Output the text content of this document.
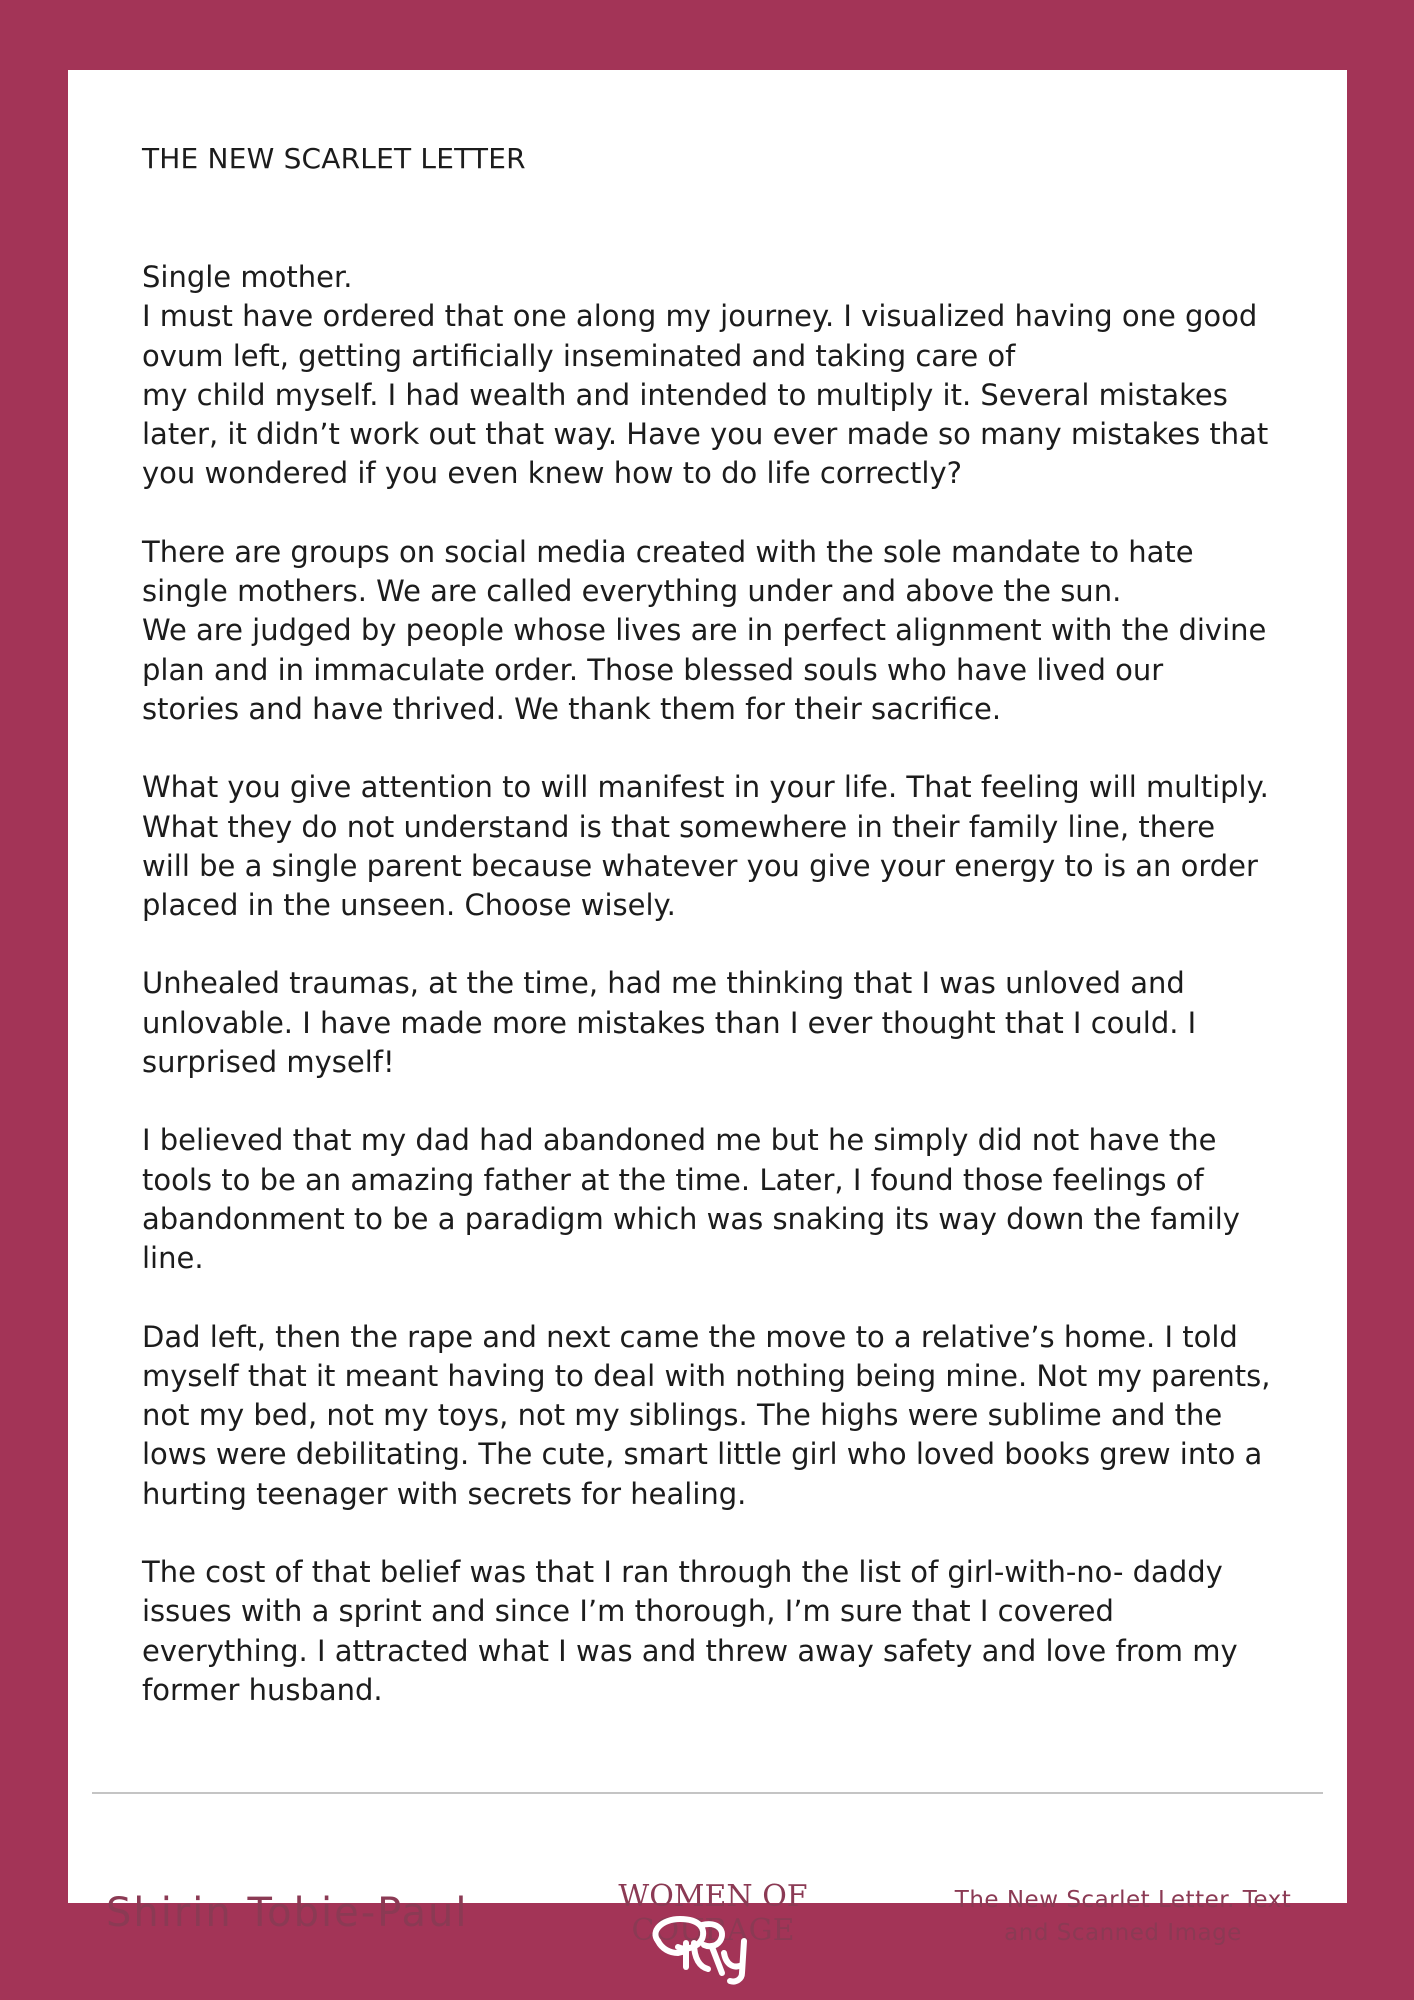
THE NEW SCARLET LETTER
Single mother.
I must have ordered that one along my journey. I visualized having one good
ovum left, getting artificially inseminated and taking care of
my child myself. I had wealth and intended to multiply it. Several mistakes
later, it didn’t work out that way. Have you ever made so many mistakes that
you wondered if you even knew how to do life correctly?
There are groups on social media created with the sole mandate to hate
single mothers. We are called everything under and above the sun.
We are judged by people whose lives are in perfect alignment with the divine
plan and in immaculate order. Those blessed souls who have lived our
stories and have thrived. We thank them for their sacrifice.
What you give attention to will manifest in your life. That feeling will multiply.
What they do not understand is that somewhere in their family line, there
will be a single parent because whatever you give your energy to is an order
placed in the unseen. Choose wisely.
Unhealed traumas, at the time, had me thinking that I was unloved and
unlovable. I have made more mistakes than I ever thought that I could. I
surprised myself!
I believed that my dad had abandoned me but he simply did not have the
tools to be an amazing father at the time. Later, I found those feelings of
abandonment to be a paradigm which was snaking its way down the family
line.
Dad left, then the rape and next came the move to a relative’s home. I told
myself that it meant having to deal with nothing being mine. Not my parents,
not my bed, not my toys, not my siblings. The highs were sublime and the
lows were debilitating. The cute, smart little girl who loved books grew into a
hurting teenager with secrets for healing.
The cost of that belief was that I ran through the list of girl-with-no- daddy
issues with a sprint and since I’m thorough, I’m sure that I covered
everything. I attracted what I was and threw away safety and love from my
former husband.
Shirin Tobie-Paul	WOMEN OF
COURAGE
The New Scarlet Letter. Text
and Scanned Image
